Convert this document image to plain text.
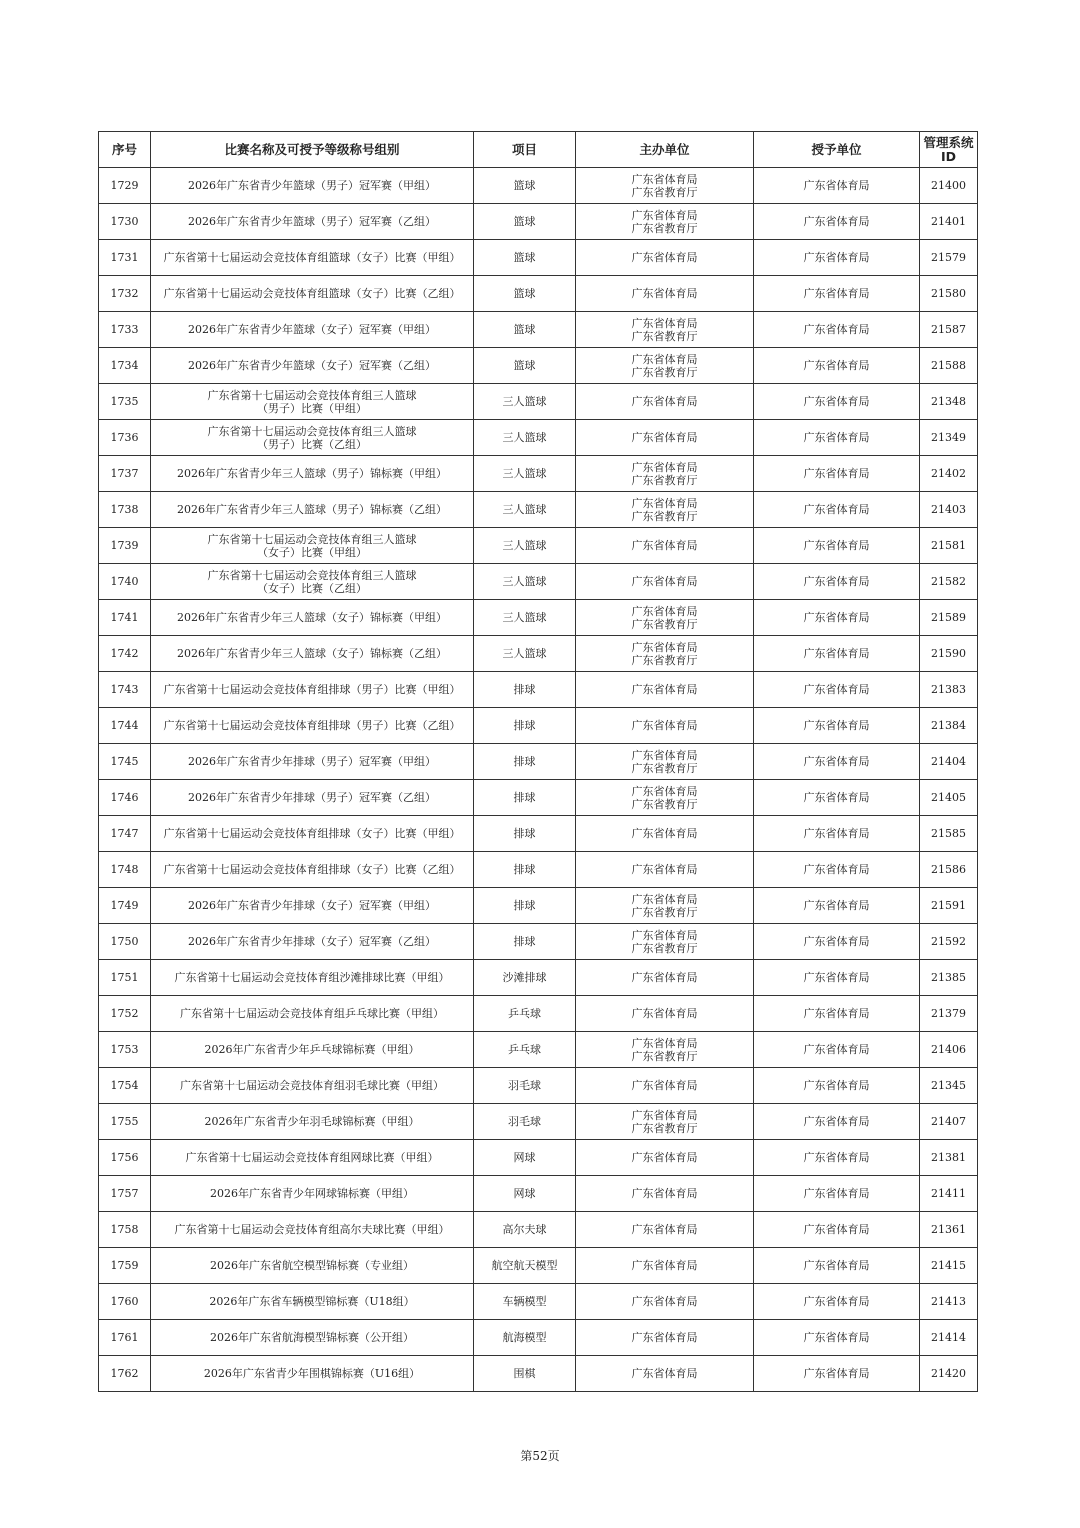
序号	比赛名称及可授予等级称号组别	项目	主办单位	授予单位	管理系统
ID

1729	2026年广东省青少年篮球（男子）冠军赛（甲组）	篮球	广东省体育局
广东省教育厅	广东省体育局	21400
1730	2026年广东省青少年篮球（男子）冠军赛（乙组）	篮球	广东省体育局
广东省教育厅	广东省体育局	21401
1731	广东省第十七届运动会竞技体育组篮球（女子）比赛（甲组）	篮球	广东省体育局	广东省体育局	21579
1732	广东省第十七届运动会竞技体育组篮球（女子）比赛（乙组）	篮球	广东省体育局	广东省体育局	21580
1733	2026年广东省青少年篮球（女子）冠军赛（甲组）	篮球	广东省体育局
广东省教育厅	广东省体育局	21587
1734	2026年广东省青少年篮球（女子）冠军赛（乙组）	篮球	广东省体育局
广东省教育厅	广东省体育局	21588
1735	广东省第十七届运动会竞技体育组三人篮球
（男子）比赛（甲组）	三人篮球	广东省体育局	广东省体育局	21348
1736	广东省第十七届运动会竞技体育组三人篮球
（男子）比赛（乙组）	三人篮球	广东省体育局	广东省体育局	21349
1737	2026年广东省青少年三人篮球（男子）锦标赛（甲组）	三人篮球	广东省体育局
广东省教育厅	广东省体育局	21402
1738	2026年广东省青少年三人篮球（男子）锦标赛（乙组）	三人篮球	广东省体育局
广东省教育厅	广东省体育局	21403
1739	广东省第十七届运动会竞技体育组三人篮球
（女子）比赛（甲组）	三人篮球	广东省体育局	广东省体育局	21581
1740	广东省第十七届运动会竞技体育组三人篮球
（女子）比赛（乙组）	三人篮球	广东省体育局	广东省体育局	21582
1741	2026年广东省青少年三人篮球（女子）锦标赛（甲组）	三人篮球	广东省体育局
广东省教育厅	广东省体育局	21589
1742	2026年广东省青少年三人篮球（女子）锦标赛（乙组）	三人篮球	广东省体育局
广东省教育厅	广东省体育局	21590
1743	广东省第十七届运动会竞技体育组排球（男子）比赛（甲组）	排球	广东省体育局	广东省体育局	21383
1744	广东省第十七届运动会竞技体育组排球（男子）比赛（乙组）	排球	广东省体育局	广东省体育局	21384
1745	2026年广东省青少年排球（男子）冠军赛（甲组）	排球	广东省体育局
广东省教育厅	广东省体育局	21404
1746	2026年广东省青少年排球（男子）冠军赛（乙组）	排球	广东省体育局
广东省教育厅	广东省体育局	21405
1747	广东省第十七届运动会竞技体育组排球（女子）比赛（甲组）	排球	广东省体育局	广东省体育局	21585
1748	广东省第十七届运动会竞技体育组排球（女子）比赛（乙组）	排球	广东省体育局	广东省体育局	21586
1749	2026年广东省青少年排球（女子）冠军赛（甲组）	排球	广东省体育局
广东省教育厅	广东省体育局	21591
1750	2026年广东省青少年排球（女子）冠军赛（乙组）	排球	广东省体育局
广东省教育厅	广东省体育局	21592
1751	广东省第十七届运动会竞技体育组沙滩排球比赛（甲组）	沙滩排球	广东省体育局	广东省体育局	21385
1752	广东省第十七届运动会竞技体育组乒乓球比赛（甲组）	乒乓球	广东省体育局	广东省体育局	21379
1753	2026年广东省青少年乒乓球锦标赛（甲组）	乒乓球	广东省体育局
广东省教育厅	广东省体育局	21406
1754	广东省第十七届运动会竞技体育组羽毛球比赛（甲组）	羽毛球	广东省体育局	广东省体育局	21345
1755	2026年广东省青少年羽毛球锦标赛（甲组）	羽毛球	广东省体育局
广东省教育厅	广东省体育局	21407
1756	广东省第十七届运动会竞技体育组网球比赛（甲组）	网球	广东省体育局	广东省体育局	21381
1757	2026年广东省青少年网球锦标赛（甲组）	网球	广东省体育局	广东省体育局	21411
1758	广东省第十七届运动会竞技体育组高尔夫球比赛（甲组）	高尔夫球	广东省体育局	广东省体育局	21361
1759	2026年广东省航空模型锦标赛（专业组）	航空航天模型	广东省体育局	广东省体育局	21415
1760	2026年广东省车辆模型锦标赛（U18组）	车辆模型	广东省体育局	广东省体育局	21413
1761	2026年广东省航海模型锦标赛（公开组）	航海模型	广东省体育局	广东省体育局	21414
1762	2026年广东省青少年围棋锦标赛（U16组）	围棋	广东省体育局	广东省体育局	21420
第52页
